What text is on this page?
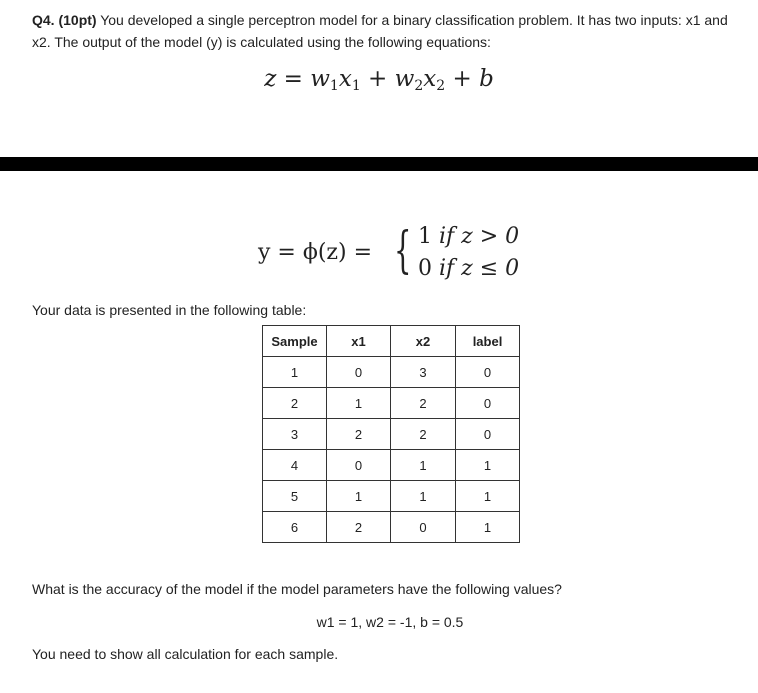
Q4. (10pt) You developed a single perceptron model for a binary classification problem. It has two inputs: x1 and x2. The output of the model (y) is calculated using the following equations:

$z = w_1x_1 + w_2x_2 + b$
y = ϕ(z) = { 1 if z > 0
0 if z ≤ 0

Your data is presented in the following table:

Sample	x1	x2	label
1	0	3	0
2	1	2	0
3	2	2	0
4	0	1	1
5	1	1	1
6	2	0	1

What is the accuracy of the model if the model parameters have the following values?

w1 = 1, w2 = -1, b = 0.5

You need to show all calculation for each sample.
